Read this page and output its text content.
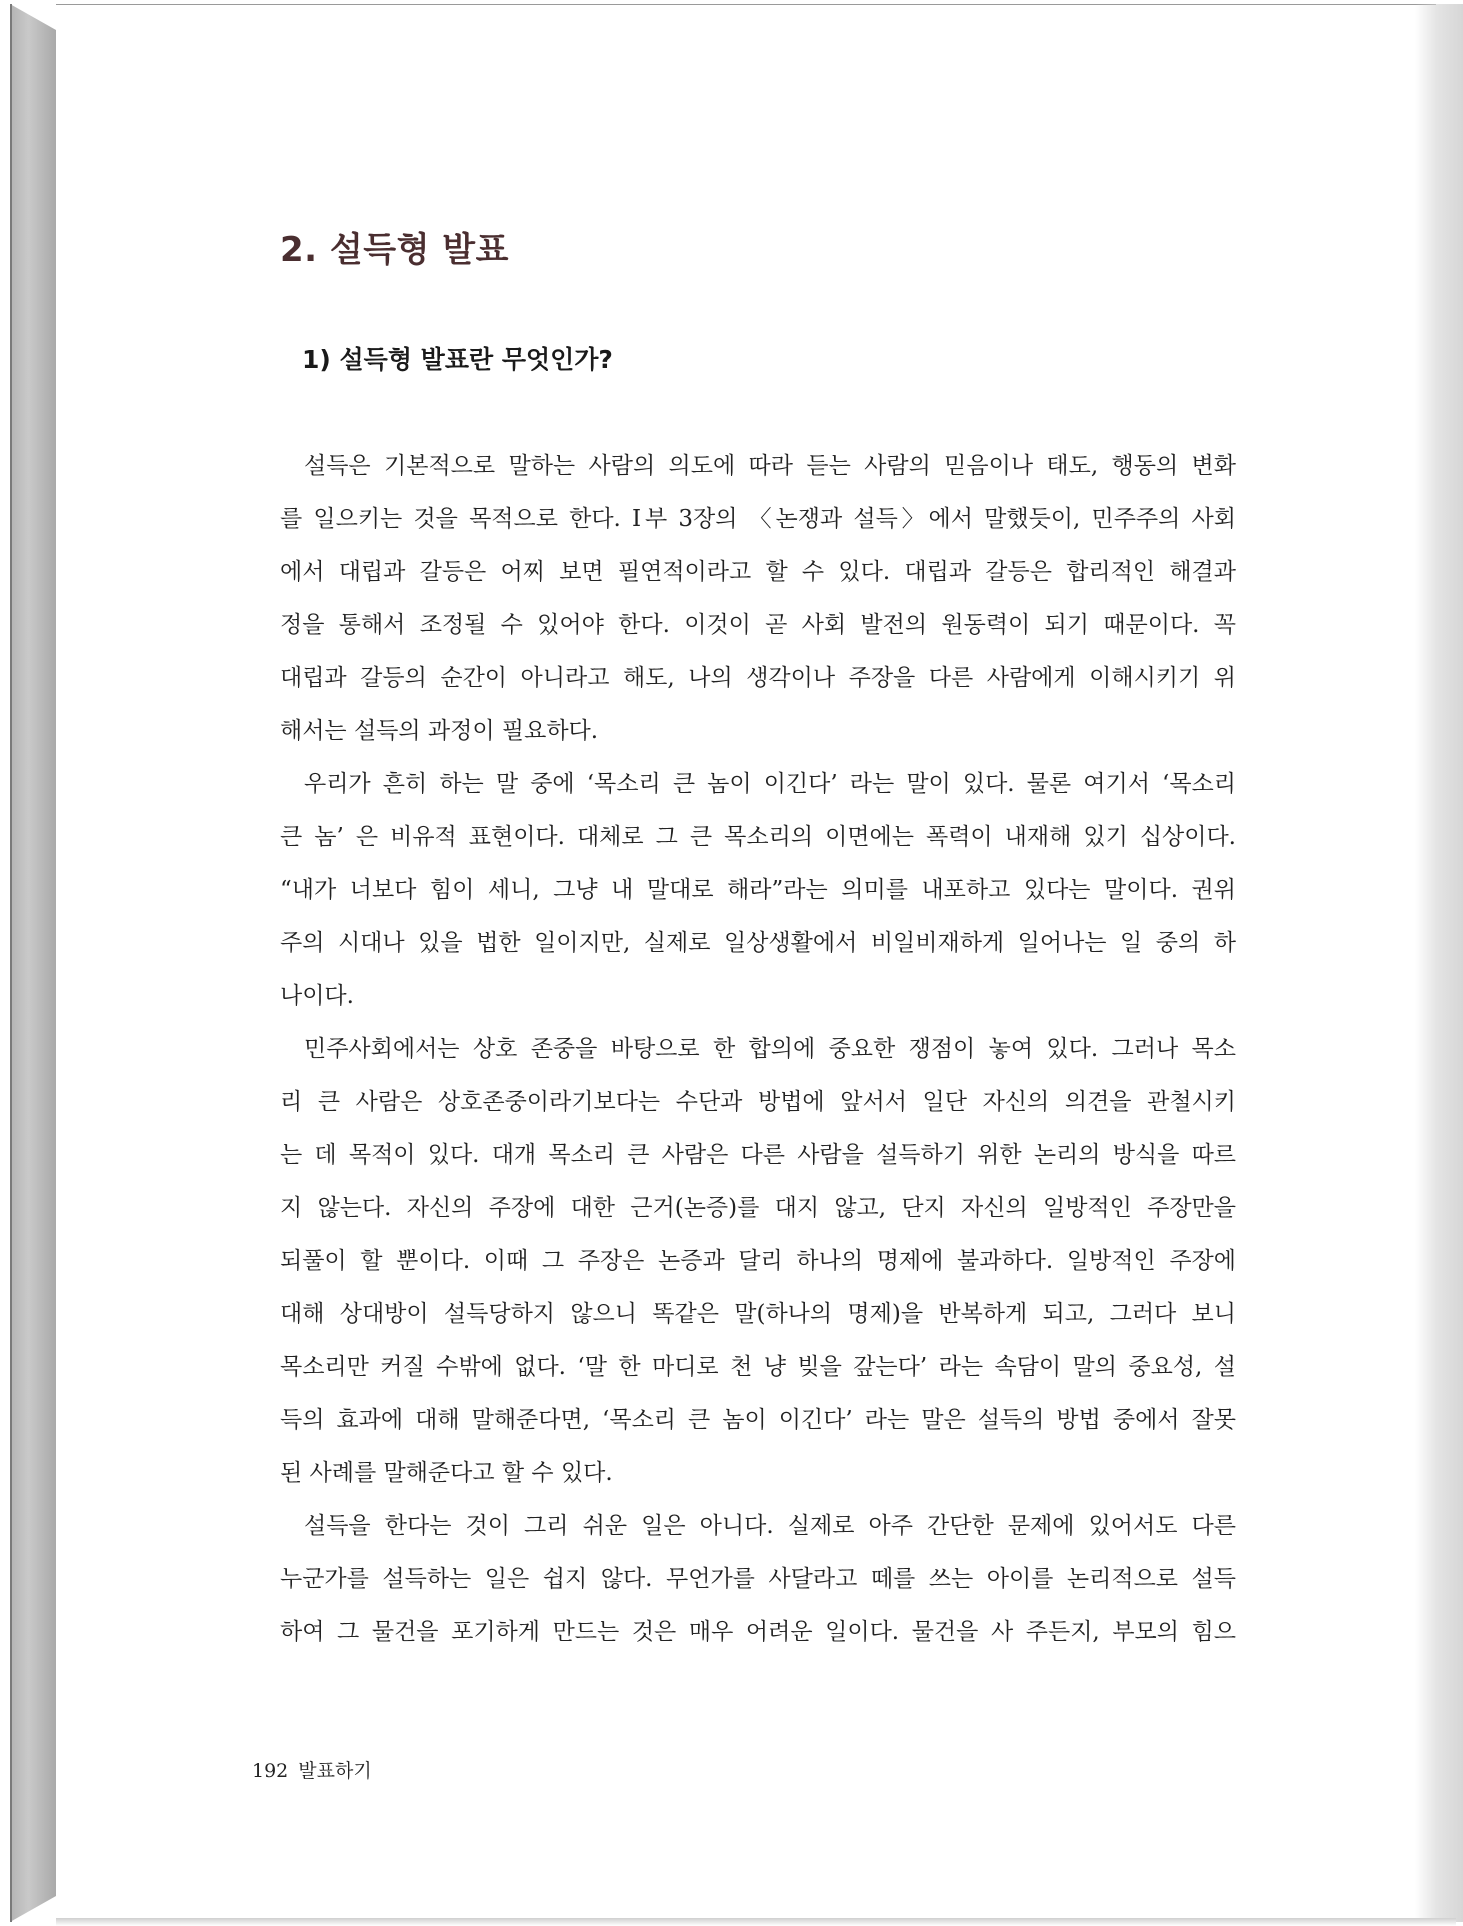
2. 설득형 발표
1) 설득형 발표란 무엇인가?
설득은 기본적으로 말하는 사람의 의도에 따라 듣는 사람의 믿음이나 태도, 행동의 변화
를 일으키는 것을 목적으로 한다. Ⅰ부 3장의 〈논쟁과 설득〉에서 말했듯이, 민주주의 사회
에서 대립과 갈등은 어찌 보면 필연적이라고 할 수 있다. 대립과 갈등은 합리적인 해결과
정을 통해서 조정될 수 있어야 한다. 이것이 곧 사회 발전의 원동력이 되기 때문이다. 꼭
대립과 갈등의 순간이 아니라고 해도, 나의 생각이나 주장을 다른 사람에게 이해시키기 위
해서는 설득의 과정이 필요하다.
우리가 흔히 하는 말 중에 ‘목소리 큰 놈이 이긴다’ 라는 말이 있다. 물론 여기서 ‘목소리
큰 놈’ 은 비유적 표현이다. 대체로 그 큰 목소리의 이면에는 폭력이 내재해 있기 십상이다.
“내가 너보다 힘이 세니, 그냥 내 말대로 해라”라는 의미를 내포하고 있다는 말이다. 권위
주의 시대나 있을 법한 일이지만, 실제로 일상생활에서 비일비재하게 일어나는 일 중의 하
나이다.
민주사회에서는 상호 존중을 바탕으로 한 합의에 중요한 쟁점이 놓여 있다. 그러나 목소
리 큰 사람은 상호존중이라기보다는 수단과 방법에 앞서서 일단 자신의 의견을 관철시키
는 데 목적이 있다. 대개 목소리 큰 사람은 다른 사람을 설득하기 위한 논리의 방식을 따르
지 않는다. 자신의 주장에 대한 근거(논증)를 대지 않고, 단지 자신의 일방적인 주장만을
되풀이 할 뿐이다. 이때 그 주장은 논증과 달리 하나의 명제에 불과하다. 일방적인 주장에
대해 상대방이 설득당하지 않으니 똑같은 말(하나의 명제)을 반복하게 되고, 그러다 보니
목소리만 커질 수밖에 없다. ‘말 한 마디로 천 냥 빚을 갚는다’ 라는 속담이 말의 중요성, 설
득의 효과에 대해 말해준다면, ‘목소리 큰 놈이 이긴다’ 라는 말은 설득의 방법 중에서 잘못
된 사례를 말해준다고 할 수 있다.
설득을 한다는 것이 그리 쉬운 일은 아니다. 실제로 아주 간단한 문제에 있어서도 다른
누군가를 설득하는 일은 쉽지 않다. 무언가를 사달라고 떼를 쓰는 아이를 논리적으로 설득
하여 그 물건을 포기하게 만드는 것은 매우 어려운 일이다. 물건을 사 주든지, 부모의 힘으
192 발표하기
